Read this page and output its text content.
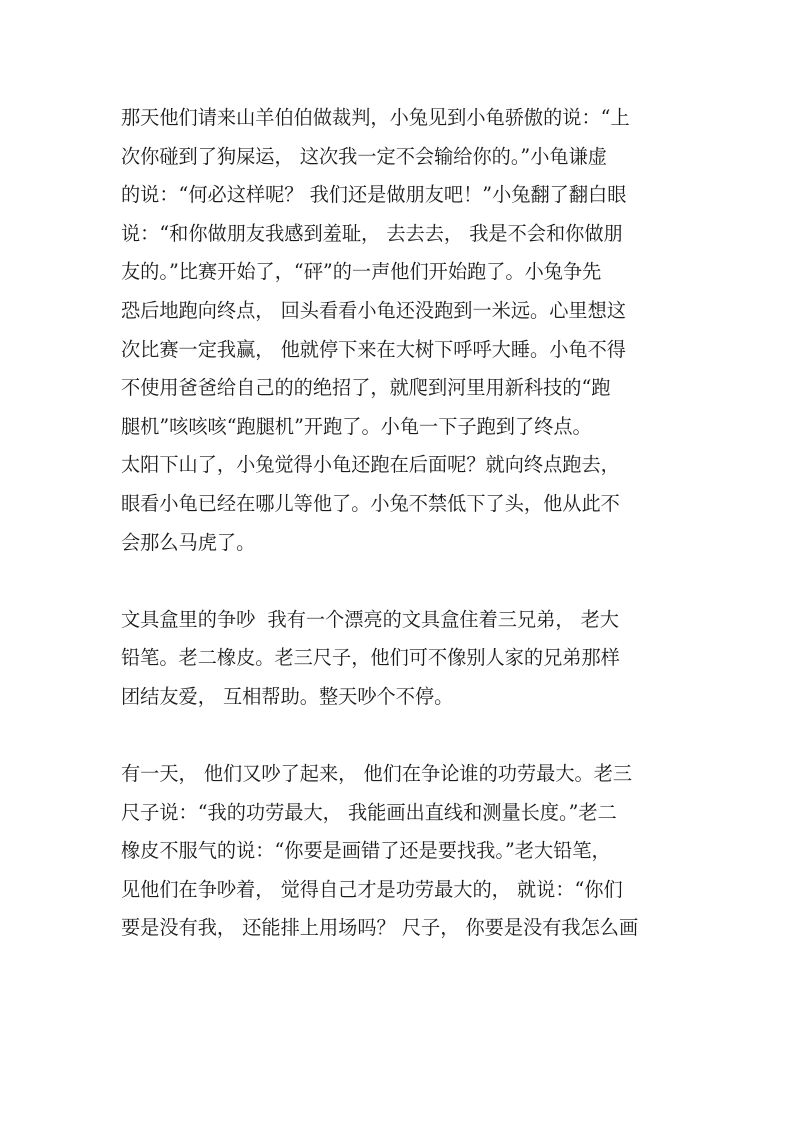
那天他们请来山羊伯伯做裁判，小兔见到小龟骄傲的说：“上
次你碰到了狗屎运， 这次我一定不会输给你的。”小龟谦虚
的说：“何必这样呢？ 我们还是做朋友吧！”小兔翻了翻白眼
说：“和你做朋友我感到羞耻， 去去去， 我是不会和你做朋
友的。”比赛开始了，“砰”的一声他们开始跑了。小兔争先
恐后地跑向终点， 回头看看小龟还没跑到一米远。心里想这
次比赛一定我赢， 他就停下来在大树下呼呼大睡。小龟不得
不使用爸爸给自己的的绝招了，就爬到河里用新科技的“跑
腿机”咳咳咳“跑腿机”开跑了。小龟一下子跑到了终点。
太阳下山了，小兔觉得小龟还跑在后面呢？就向终点跑去，
眼看小龟已经在哪儿等他了。小兔不禁低下了头，他从此不
会那么马虎了。
文具盒里的争吵  我有一个漂亮的文具盒住着三兄弟， 老大
铅笔。老二橡皮。老三尺子，他们可不像别人家的兄弟那样
团结友爱， 互相帮助。整天吵个不停。
有一天， 他们又吵了起来， 他们在争论谁的功劳最大。老三
尺子说：“我的功劳最大， 我能画出直线和测量长度。”老二
橡皮不服气的说：“你要是画错了还是要找我。”老大铅笔，
见他们在争吵着， 觉得自己才是功劳最大的， 就说：“你们
要是没有我， 还能排上用场吗？ 尺子， 你要是没有我怎么画
